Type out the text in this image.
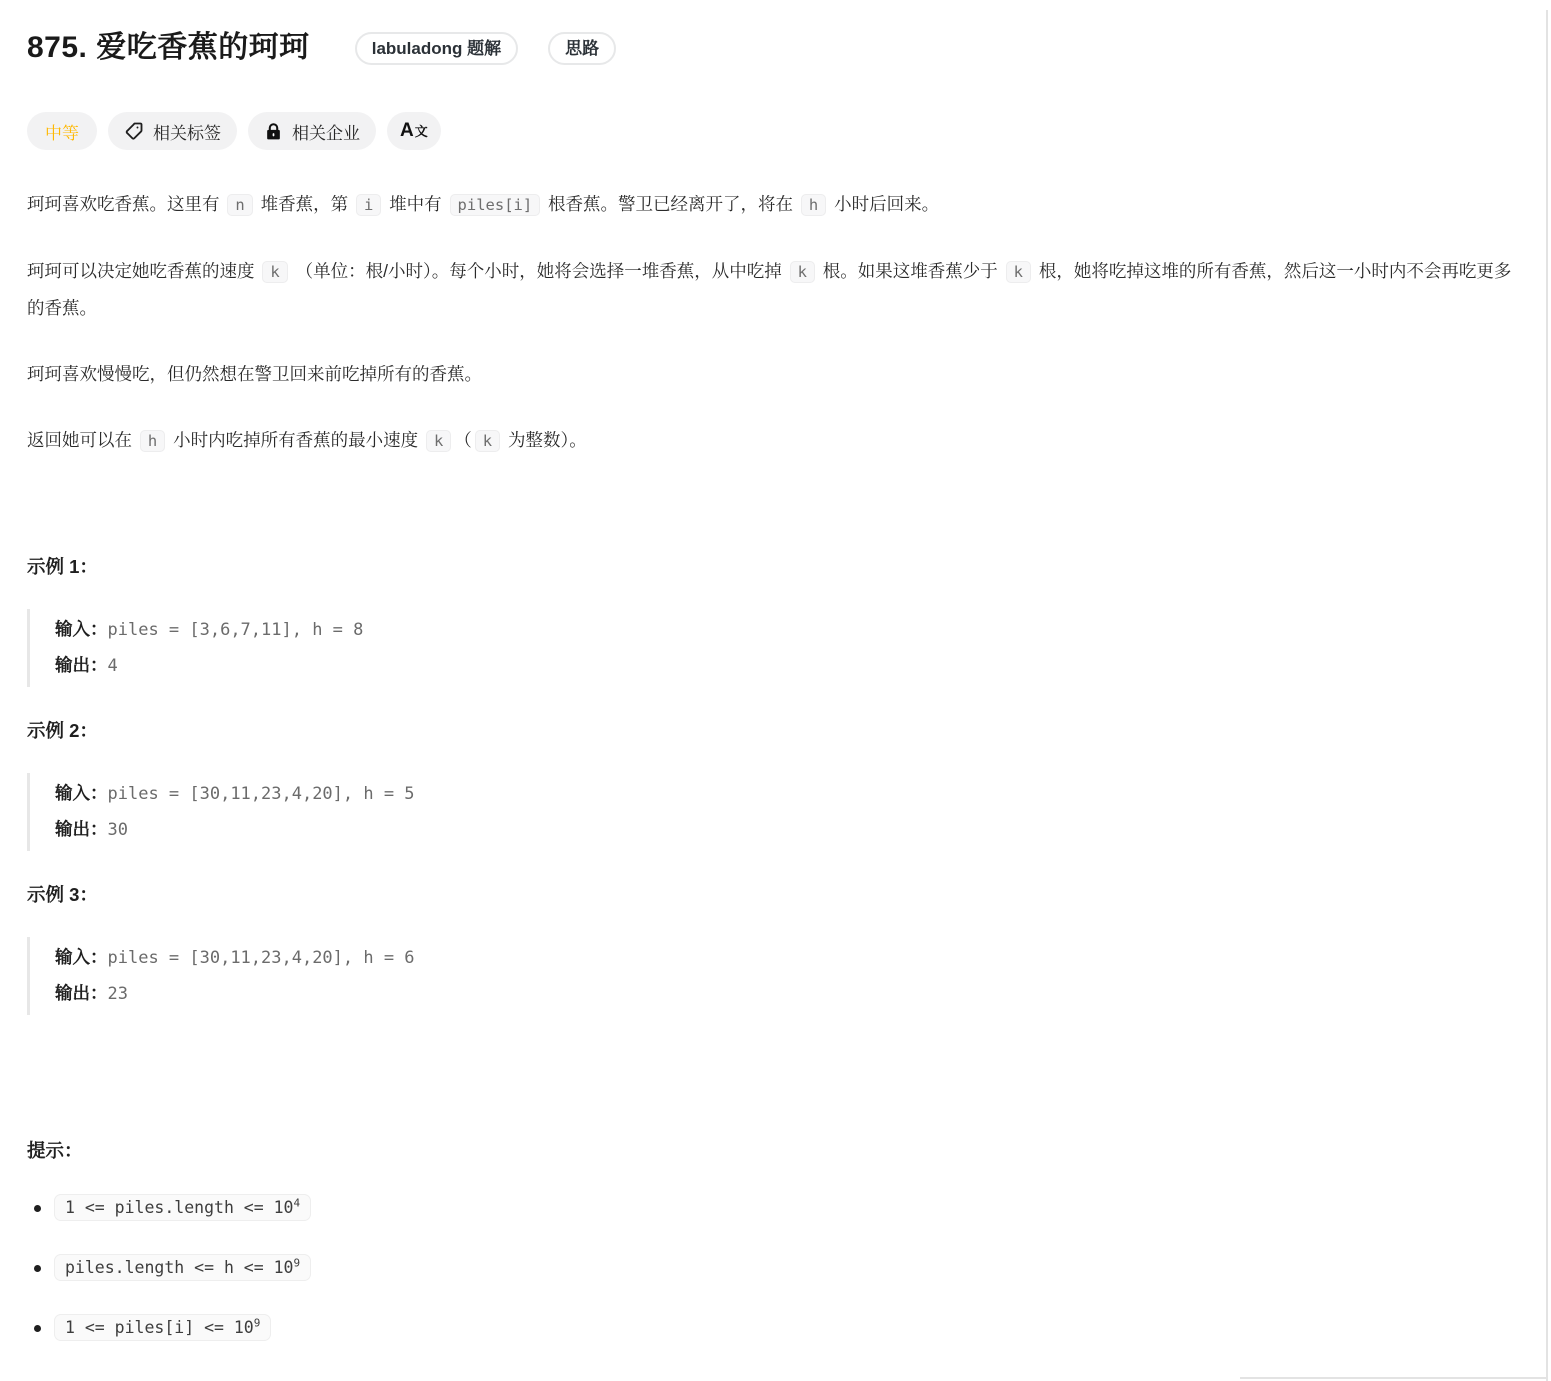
875. 爱吃香蕉的珂珂	labuladong 题解	思路
中等	相关标签	相关企业 A 文

珂珂喜欢吃香蕉。这里有 n 堆香蕉，第 i 堆中有 piles[i] 根香蕉。警卫已经离开了，将在 h 小时后回来。

珂珂可以决定她吃香蕉的速度 k （单位：根/小时）。每个小时，她将会选择一堆香蕉，从中吃掉 k 根。如果这堆香蕉少于 k 根，她将吃掉这堆的所有香蕉，然后这一小时内不会再吃更多的香蕉。

珂珂喜欢慢慢吃，但仍然想在警卫回来前吃掉所有的香蕉。

返回她可以在 h 小时内吃掉所有香蕉的最小速度 k （ k 为整数）。

示例 1：
输入：piles = [3,6,7,11], h = 8
输出：4
示例 2：
输入：piles = [30,11,23,4,20], h = 5
输出：30
示例 3：
输入：piles = [30,11,23,4,20], h = 6
输出：23
提示：
1 <= piles.length <= $10^4$
piles.length <= $h <= 10^9$
1 <= piles[i] <= $10^9$
